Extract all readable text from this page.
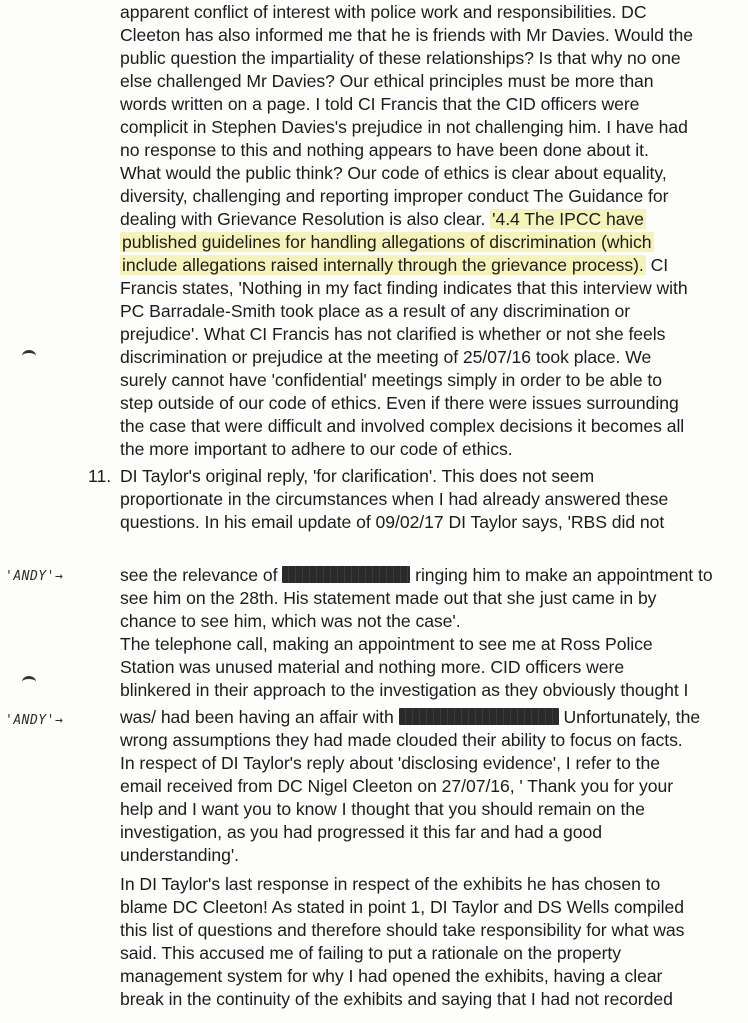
apparent conflict of interest with police work and responsibilities. DC
Cleeton has also informed me that he is friends with Mr Davies. Would the
public question the impartiality of these relationships? Is that why no one
else challenged Mr Davies? Our ethical principles must be more than
words written on a page. I told CI Francis that the CID officers were
complicit in Stephen Davies's prejudice in not challenging him. I have had
no response to this and nothing appears to have been done about it.
What would the public think? Our code of ethics is clear about equality,
diversity, challenging and reporting improper conduct The Guidance for
dealing with Grievance Resolution is also clear. '4.4 The IPCC have
published guidelines for handling allegations of discrimination (which
include allegations raised internally through the grievance process). CI
Francis states, 'Nothing in my fact finding indicates that this interview with
PC Barradale-Smith took place as a result of any discrimination or
prejudice'. What CI Francis has not clarified is whether or not she feels
discrimination or prejudice at the meeting of 25/07/16 took place. We
surely cannot have 'confidential' meetings simply in order to be able to
step outside of our code of ethics. Even if there were issues surrounding
the case that were difficult and involved complex decisions it becomes all
the more important to adhere to our code of ethics.
11. DI Taylor's original reply, 'for clarification'. This does not seem
proportionate in the circumstances when I had already answered these
questions. In his email update of 09/02/17 DI Taylor says, 'RBS did not
'ANDY'→	see the relevance of	ringing him to make an appointment to
see him on the 28th. His statement made out that she just came in by
chance to see him, which was not the case'.
The telephone call, making an appointment to see me at Ross Police
Station was unused material and nothing more. CID officers were
blinkered in their approach to the investigation as they obviously thought I
'ANDY'→	was/ had been having an affair with	Unfortunately, the
wrong assumptions they had made clouded their ability to focus on facts.
In respect of DI Taylor's reply about 'disclosing evidence', I refer to the
email received from DC Nigel Cleeton on 27/07/16, ' Thank you for your
help and I want you to know I thought that you should remain on the
investigation, as you had progressed it this far and had a good
understanding'.
In DI Taylor's last response in respect of the exhibits he has chosen to
blame DC Cleeton! As stated in point 1, DI Taylor and DS Wells compiled
this list of questions and therefore should take responsibility for what was
said. This accused me of failing to put a rationale on the property
management system for why I had opened the exhibits, having a clear
break in the continuity of the exhibits and saying that I had not recorded
